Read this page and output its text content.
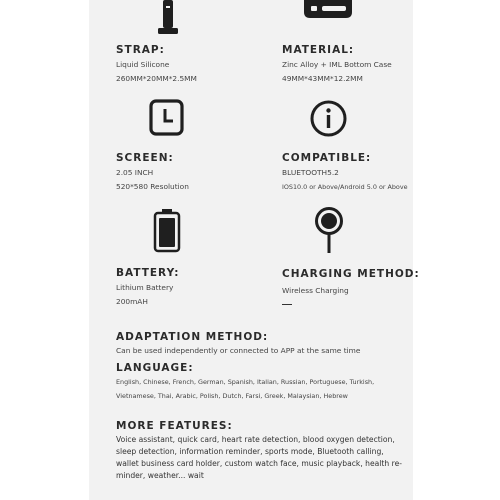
STRAP:
Liquid Silicone
260MM*20MM*2.5MM
MATERIAL:
Zinc Alloy + IML Bottom Case
49MM*43MM*12.2MM
SCREEN:
2.05 INCH
520*580 Resolution
COMPATIBLE:
BLUETOOTH5.2
IOS10.0 or Above/Android 5.0 or Above
BATTERY:
Lithium Battery
200mAH
CHARGING METHOD:
Wireless Charging
ADAPTATION METHOD:
Can be used independently or connected to APP at the same time
LANGUAGE:
English, Chinese, French, German, Spanish, Italian, Russian, Portuguese, Turkish,
Vietnamese, Thai, Arabic, Polish, Dutch, Farsi, Greek, Malaysian, Hebrew
MORE FEATURES:
Voice assistant, quick card, heart rate detection, blood oxygen detection,
sleep detection, information reminder, sports mode, Bluetooth calling,
wallet business card holder, custom watch face, music playback, health re-
minder, weather... wait
